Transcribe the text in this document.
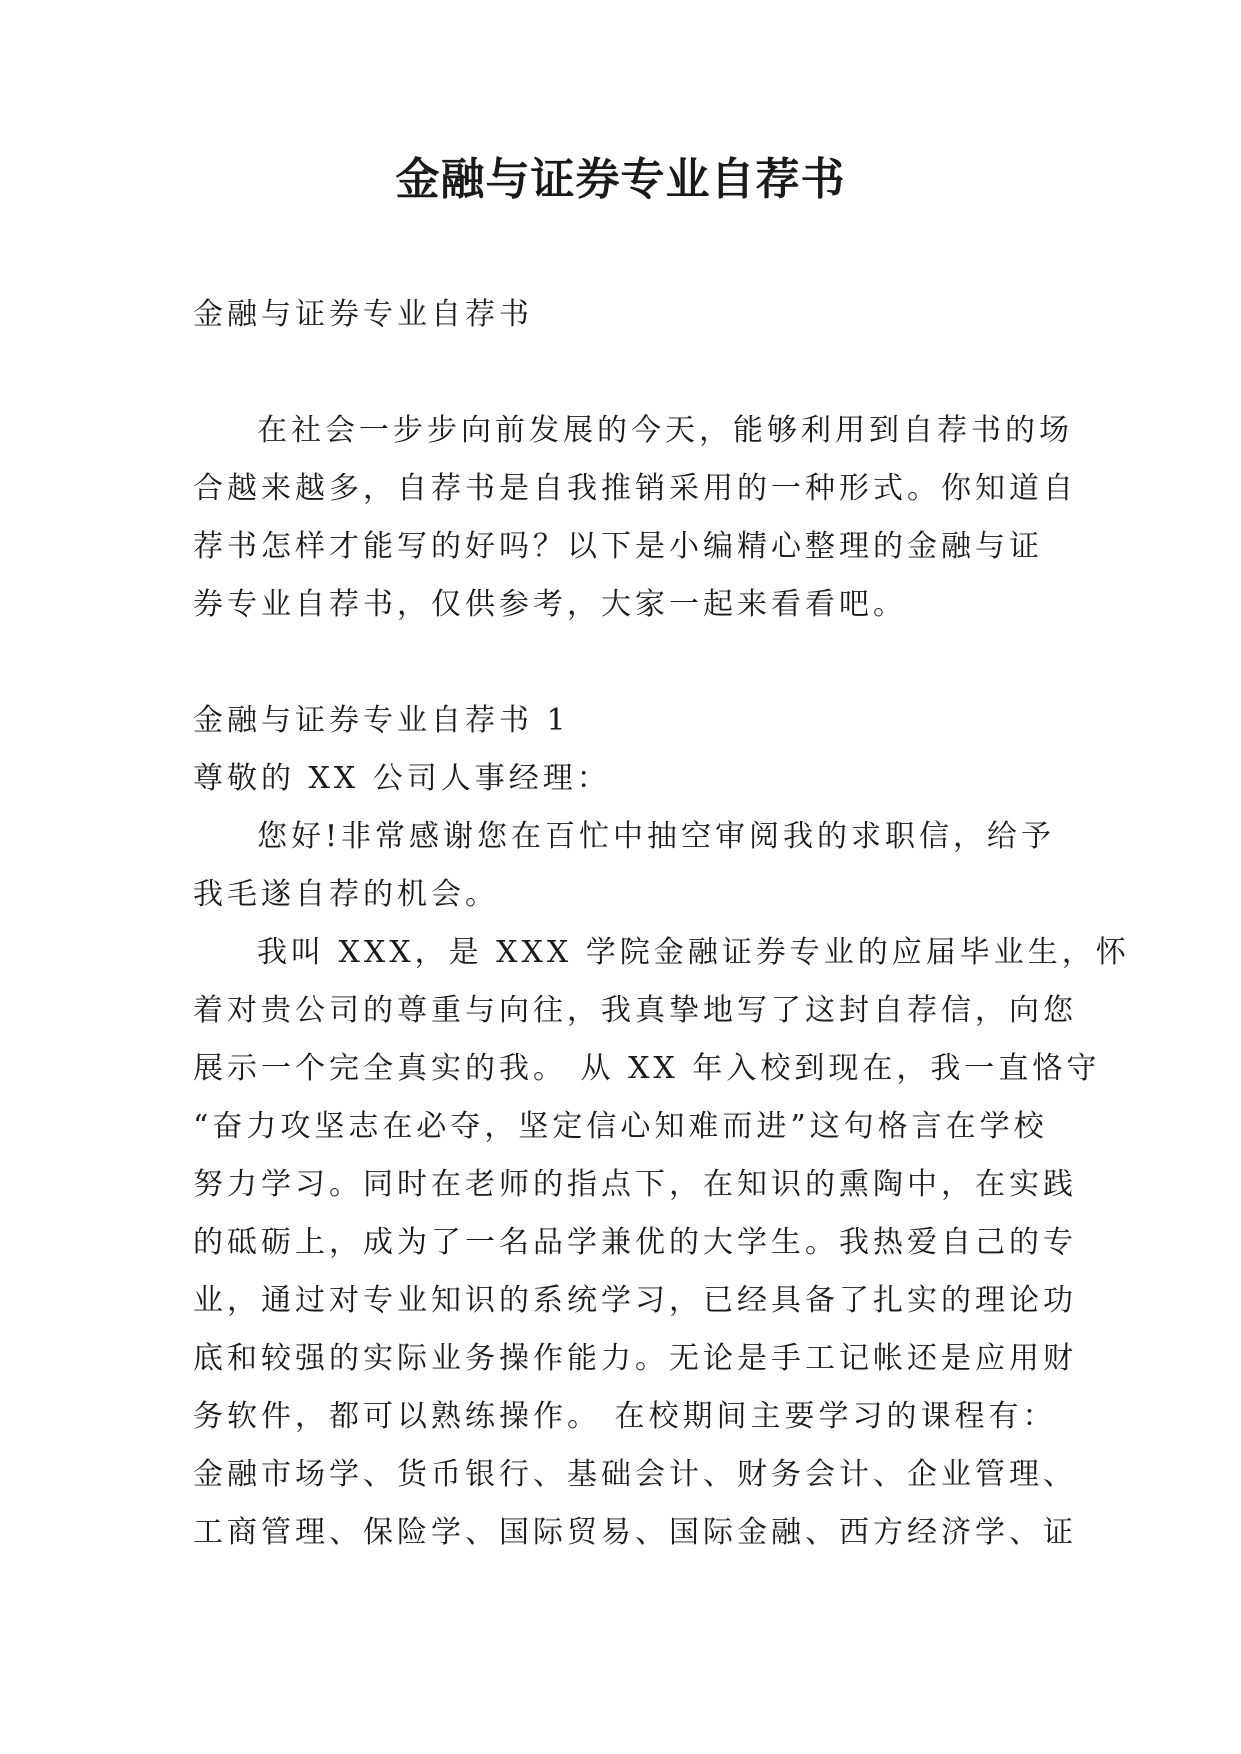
金融与证券专业自荐书
金融与证券专业自荐书
在社会一步步向前发展的今天，能够利用到自荐书的场
合越来越多，自荐书是自我推销采用的一种形式。你知道自
荐书怎样才能写的好吗？以下是小编精心整理的金融与证
券专业自荐书，仅供参考，大家一起来看看吧。
金融与证券专业自荐书 1
尊敬的 XX 公司人事经理：
您好!非常感谢您在百忙中抽空审阅我的求职信，给予
我毛遂自荐的机会。
我叫 XXX，是 XXX 学院金融证券专业的应届毕业生，怀
着对贵公司的尊重与向往，我真挚地写了这封自荐信，向您
展示一个完全真实的我。 从 XX 年入校到现在，我一直恪守
“奋力攻坚志在必夺，坚定信心知难而进”这句格言在学校
努力学习。同时在老师的指点下，在知识的熏陶中，在实践
的砥砺上，成为了一名品学兼优的大学生。我热爱自己的专
业，通过对专业知识的系统学习，已经具备了扎实的理论功
底和较强的实际业务操作能力。无论是手工记帐还是应用财
务软件，都可以熟练操作。 在校期间主要学习的课程有：
金融市场学、货币银行、基础会计、财务会计、企业管理、
工商管理、保险学、国际贸易、国际金融、西方经济学、证
